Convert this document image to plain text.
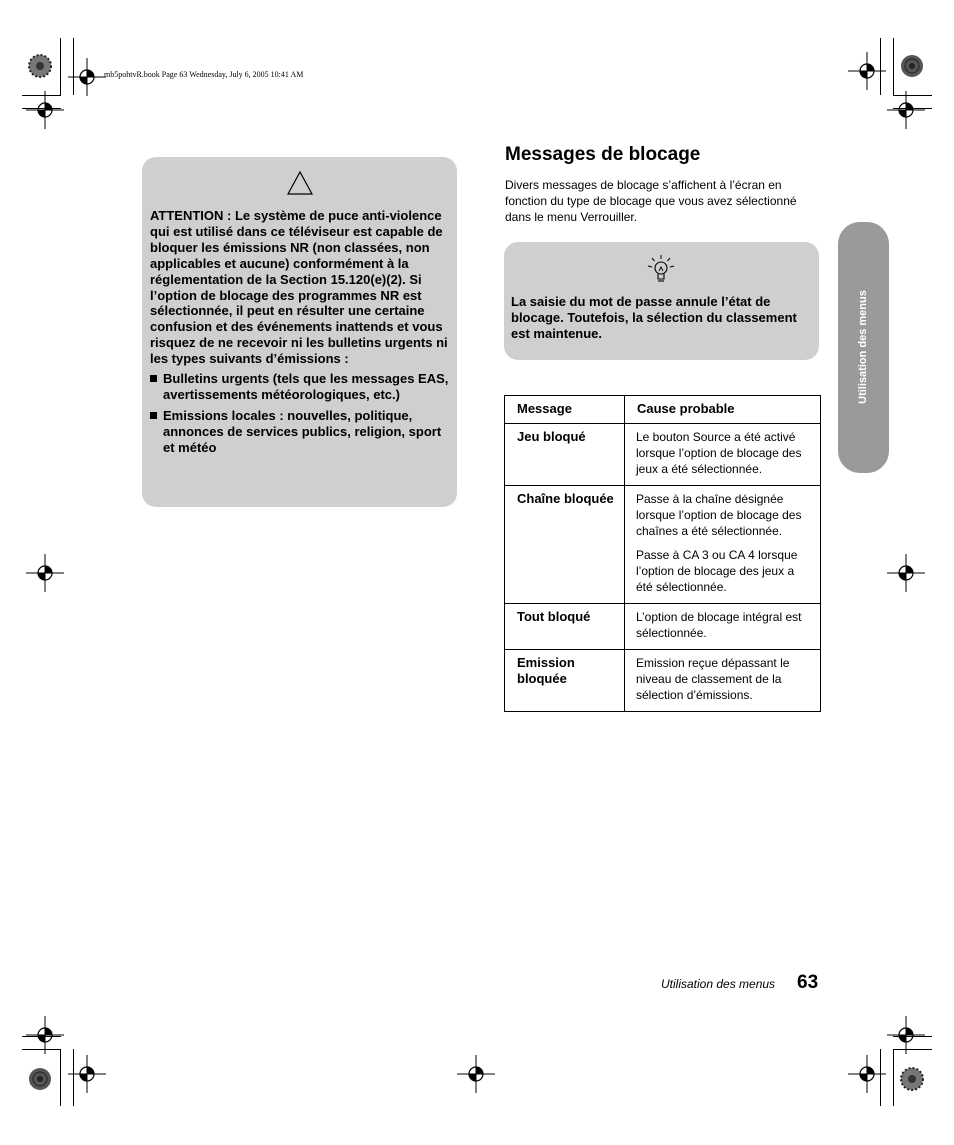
mb5pohtvR.book Page 63 Wednesday, July 6, 2005 10:41 AM

ATTENTION : Le système de puce anti-violence qui est utilisé dans ce téléviseur est capable de bloquer les émissions NR (non classées, non applicables et aucune) conformément à la réglementation de la Section 15.120(e)(2). Si l’option de blocage des programmes NR est sélectionnée, il peut en résulter une certaine confusion et des événements inattends et vous risquez de ne recevoir ni les bulletins urgents ni les types suivants d’émissions :

Bulletins urgents (tels que les messages EAS, avertissements météorologiques, etc.)
Emissions locales : nouvelles, politique, annonces de services publics, religion, sport et météo
Messages de blocage
Divers messages de blocage s’affichent à l’écran en fonction du type de blocage que vous avez sélectionné dans le menu Verrouiller.
La saisie du mot de passe annule l’état de blocage. Toutefois, la sélection du classement est maintenue.
Message	Cause probable
Jeu bloqué	Le bouton Source a été activé lorsque l’option de blocage des jeux a été sélectionnée.

Chaîne bloquée	Passe à la chaîne désignée lorsque l’option de blocage des chaînes a été sélectionnée.

Passe à CA 3 ou CA 4 lorsque l’option de blocage des jeux a été sélectionnée.

Tout bloqué	L’option de blocage intégral est sélectionnée.

Emission bloquée	Emission reçue dépassant le niveau de classement de la sélection d’émissions.

Utilisation des menus
Utilisation des menus 63
